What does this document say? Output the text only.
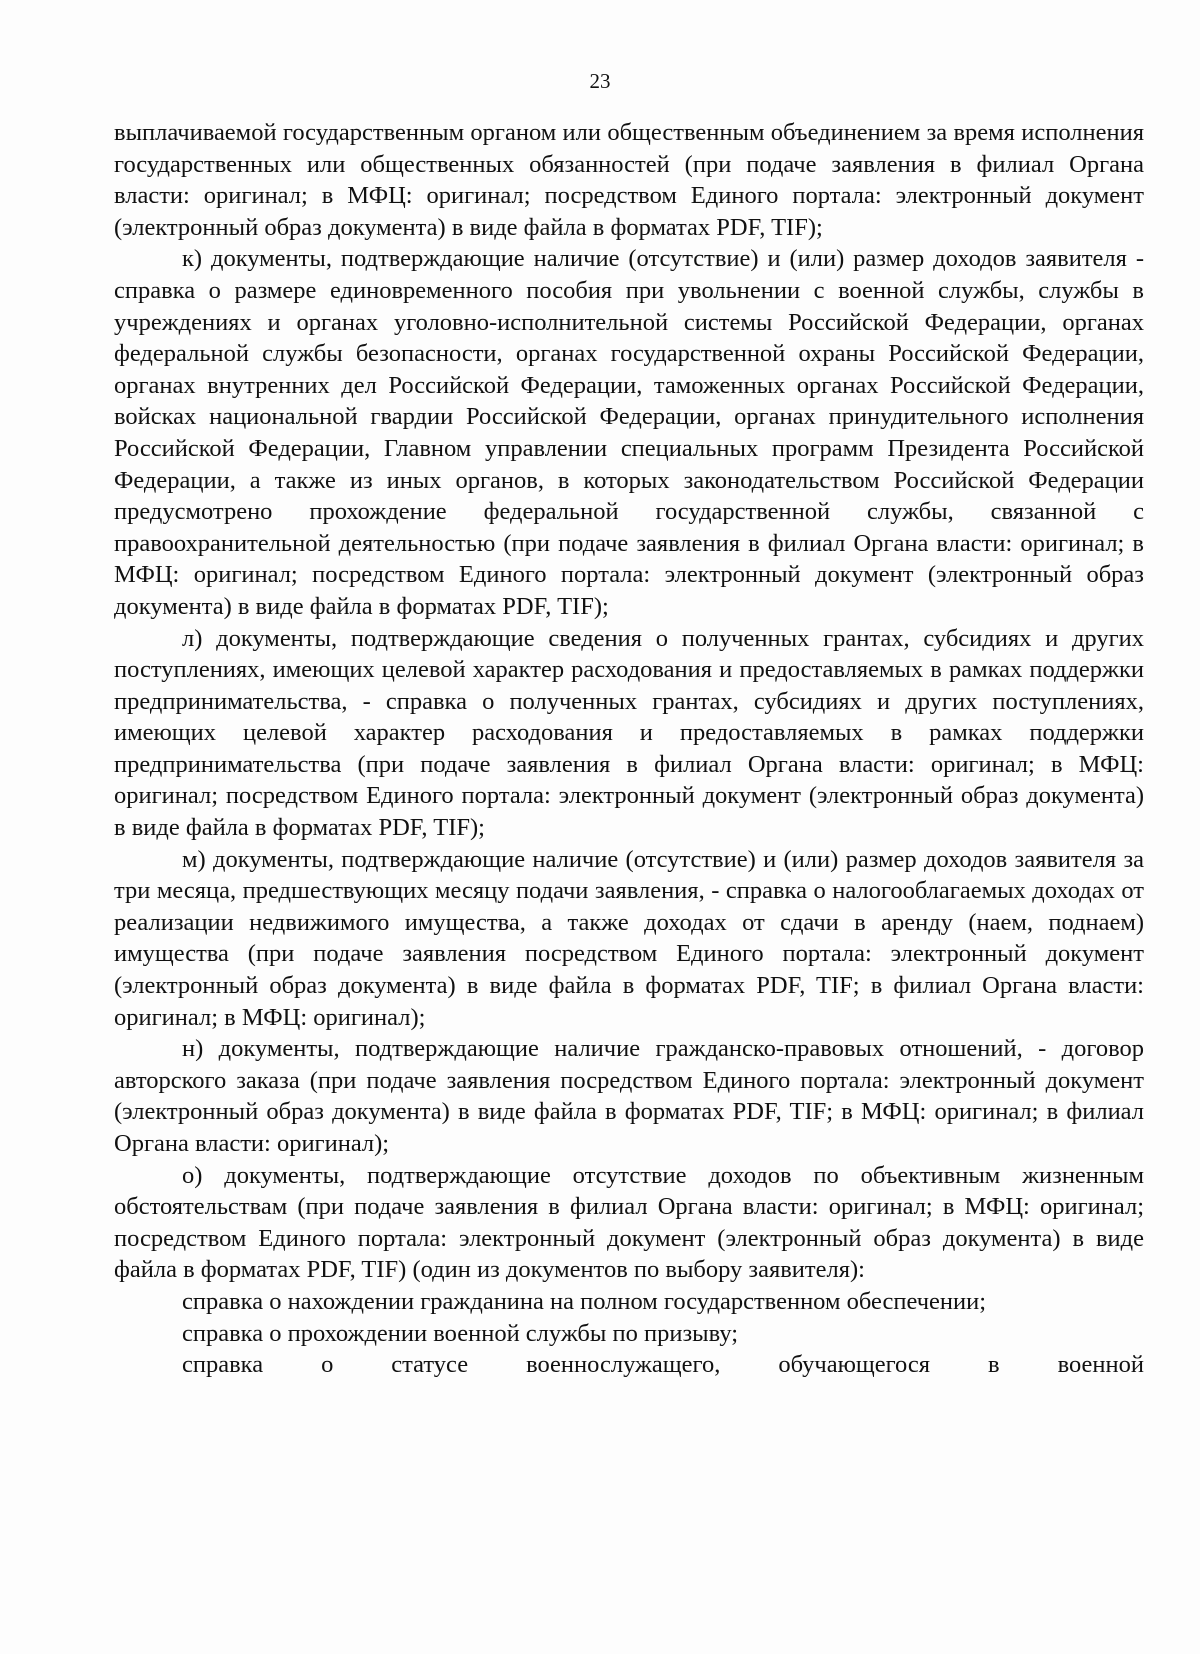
23

выплачиваемой государственным органом или общественным объединением за время исполнения государственных или общественных обязанностей (при подаче заявления в филиал Органа власти: оригинал; в МФЦ: оригинал; посредством Единого портала: электронный документ (электронный образ документа) в виде файла в форматах PDF, TIF);

к) документы, подтверждающие наличие (отсутствие) и (или) размер доходов заявителя - справка о размере единовременного пособия при увольнении с военной службы, службы в учреждениях и органах уголовно-исполнительной системы Российской Федерации, органах федеральной службы безопасности, органах государственной охраны Российской Федерации, органах внутренних дел Российской Федерации, таможенных органах Российской Федерации, войсках национальной гвардии Российской Федерации, органах принудительного исполнения Российской Федерации, Главном управлении специальных программ Президента Российской Федерации, а также из иных органов, в которых законодательством Российской Федерации предусмотрено прохождение федеральной государственной службы, связанной с правоохранительной деятельностью (при подаче заявления в филиал Органа власти: оригинал; в МФЦ: оригинал; посредством Единого портала: электронный документ (электронный образ документа) в виде файла в форматах PDF, TIF);

л) документы, подтверждающие сведения о полученных грантах, субсидиях и других поступлениях, имеющих целевой характер расходования и предоставляемых в рамках поддержки предпринимательства, - справка о полученных грантах, субсидиях и других поступлениях, имеющих целевой характер расходования и предоставляемых в рамках поддержки предпринимательства (при подаче заявления в филиал Органа власти: оригинал; в МФЦ: оригинал; посредством Единого портала: электронный документ (электронный образ документа) в виде файла в форматах PDF, TIF);

м) документы, подтверждающие наличие (отсутствие) и (или) размер доходов заявителя за три месяца, предшествующих месяцу подачи заявления, - справка о налогооблагаемых доходах от реализации недвижимого имущества, а также доходах от сдачи в аренду (наем, поднаем) имущества (при подаче заявления посредством Единого портала: электронный документ (электронный образ документа) в виде файла в форматах PDF, TIF; в филиал Органа власти: оригинал; в МФЦ: оригинал);

н) документы, подтверждающие наличие гражданско-правовых отношений, - договор авторского заказа (при подаче заявления посредством Единого портала: электронный документ (электронный образ документа) в виде файла в форматах PDF, TIF; в МФЦ: оригинал; в филиал Органа власти: оригинал);

о) документы, подтверждающие отсутствие доходов по объективным жизненным обстоятельствам (при подаче заявления в филиал Органа власти: оригинал; в МФЦ: оригинал; посредством Единого портала: электронный документ (электронный образ документа) в виде файла в форматах PDF, TIF) (один из документов по выбору заявителя):

справка о нахождении гражданина на полном государственном обеспечении;

справка о прохождении военной службы по призыву;

справка о статусе военнослужащего, обучающегося в военной
